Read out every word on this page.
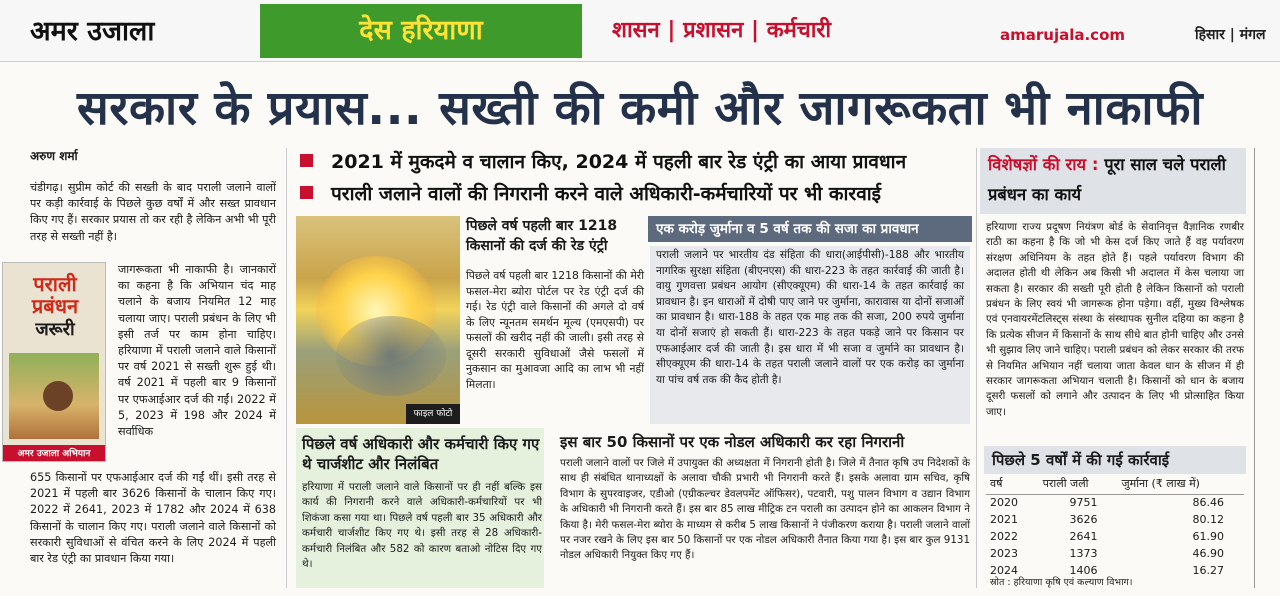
अमर उजाला	देस हरियाणा	शासन | प्रशासन | कर्मचारी	amarujala.com	हिसार | मंगल
सरकार के प्रयास... सख्ती की कमी और जागरूकता भी नाकाफी
अरुण शर्मा
चंडीगढ़। सुप्रीम कोर्ट की सख्ती के बाद पराली जलाने वालों पर कड़ी कार्रवाई के पिछले कुछ वर्षों में और सख्त प्रावधान किए गए हैं। सरकार प्रयास तो कर रही है लेकिन अभी भी पूरी तरह से सख्ती नहीं है।
पराली प्रबंधन
जरूरी
अमर उजाला अभियान
जागरूकता भी नाकाफी है। जानकारों का कहना है कि अभियान चंद माह चलाने के बजाय नियमित 12 माह चलाया जाए। पराली प्रबंधन के लिए भी इसी तर्ज पर काम होना चाहिए। हरियाणा में पराली जलाने वाले किसानों पर वर्ष 2021 से सख्ती शुरू हुई थी। वर्ष 2021 में पहली बार 9 किसानों पर एफआईआर दर्ज की गईं। 2022 में 5, 2023 में 198 और 2024 में सर्वाधिक
655 किसानों पर एफआईआर दर्ज की गईं थीं। इसी तरह से 2021 में पहली बार 3626 किसानों के चालान किए गए। 2022 में 2641, 2023 में 1782 और 2024 में 638 किसानों के चालान किए गए। पराली जलाने वाले किसानों को सरकारी सुविधाओं से वंचित करने के लिए 2024 में पहली बार रेड एंट्री का प्रावधान किया गया।
2021 में मुकदमे व चालान किए, 2024 में पहली बार रेड एंट्री का आया प्रावधान
पराली जलाने वालों की निगरानी करने वाले अधिकारी-कर्मचारियों पर भी कारवाई
फाइल फोटो
पिछले वर्ष पहली बार 1218 किसानों की दर्ज की रेड एंट्री
पिछले वर्ष पहली बार 1218 किसानों की मेरी फसल-मेरा ब्योरा पोर्टल पर रेड एंट्री दर्ज की गई। रेड एंट्री वाले किसानों की अगले दो वर्ष के लिए न्यूनतम समर्थन मूल्य (एमएसपी) पर फसलों की खरीद नहीं की जाली। इसी तरह से दूसरी सरकारी सुविधाओं जैसे फसलों में नुकसान का मुआवजा आदि का लाभ भी नहीं मिलता।
एक करोड़ जुर्माना व 5 वर्ष तक की सजा का प्रावधान
पराली जलाने पर भारतीय दंड संहिता की धारा(आईपीसी)-188 और भारतीय नागरिक सुरक्षा संहिता (बीएनएस) की धारा-223 के तहत कार्रवाई की जाती है। वायु गुणवत्ता प्रबंधन आयोग (सीएक्यूएम) की धारा-14 के तहत कार्रवाई का प्रावधान है। इन धाराओं में दोषी पाए जाने पर जुर्माना, कारावास या दोनों सजाओं का प्रावधान है। धारा-188 के तहत एक माह तक की सजा, 200 रुपये जुर्माना या दोनों सजाएं हो सकती हैं। धारा-223 के तहत पकड़े जाने पर किसान पर एफआईआर दर्ज की जाती है। इस धारा में भी सजा व जुर्माने का प्रावधान है। सीएक्यूएम की धारा-14 के तहत पराली जलाने वालों पर एक करोड़ का जुर्माना या पांच वर्ष तक की कैद होती है।
पिछले वर्ष अधिकारी और कर्मचारी किए गए थे चार्जशीट और निलंबित
हरियाणा में पराली जलाने वाले किसानों पर ही नहीं बल्कि इस कार्य की निगरानी करने वाले अधिकारी-कर्मचारियों पर भी शिकंजा कसा गया था। पिछले वर्ष पहली बार 35 अधिकारी और कर्मचारी चार्जशीट किए गए थे। इसी तरह से 28 अधिकारी-कर्मचारी निलंबित और 582 को कारण बताओ नोटिस दिए गए थे।
इस बार 50 किसानों पर एक नोडल अधिकारी कर रहा निगरानी
पराली जलाने वालों पर जिले में उपायुक्त की अध्यक्षता में निगरानी होती है। जिले में तैनात कृषि उप निदेशकों के साथ ही संबंधित थानाध्यक्षों के अलावा चौकी प्रभारी भी निगरानी करते हैं। इसके अलावा ग्राम सचिव, कृषि विभाग के सुपरवाइजर, एडीओ (एग्रीकल्चर डेवलपमेंट ऑफिसर), पटवारी, पशु पालन विभाग व उद्यान विभाग के अधिकारी भी निगरानी करते हैं। इस बार 85 लाख मीट्रिक टन पराली का उत्पादन होने का आकलन विभाग ने किया है। मेरी फसल-मेरा ब्योरा के माध्यम से करीब 5 लाख किसानों ने पंजीकरण कराया है। पराली जलाने वालों पर नजर रखने के लिए इस बार 50 किसानों पर एक नोडल अधिकारी तैनात किया गया है। इस बार कुल 9131 नोडल अधिकारी नियुक्त किए गए हैं।
विशेषज्ञों की राय : पूरा साल चले पराली प्रबंधन का कार्य
हरियाणा राज्य प्रदूषण नियंत्रण बोर्ड के सेवानिवृत्त वैज्ञानिक रणबीर राठी का कहना है कि जो भी केस दर्ज किए जाते हैं वह पर्यावरण संरक्षण अधिनियम के तहत होते हैं। पहले पर्यावरण विभाग की अदालत होती थी लेकिन अब किसी भी अदालत में केस चलाया जा सकता है। सरकार की सख्ती पूरी होती है लेकिन किसानों को पराली प्रबंधन के लिए स्वयं भी जागरूक होना पड़ेगा। वहीं, मुख्य विश्लेषक एवं एनवायरमेंटलिस्ट्स संस्था के संस्थापक सुनील दहिया का कहना है कि प्रत्येक सीजन में किसानों के साथ सीधे बात होनी चाहिए और उनसे भी सुझाव लिए जाने चाहिए। पराली प्रबंधन को लेकर सरकार की तरफ से नियमित अभियान नहीं चलाया जाता केवल धान के सीजन में ही सरकार जागरूकता अभियान चलाती है। किसानों को धान के बजाय दूसरी फसलों को लगाने और उत्पादन के लिए भी प्रोत्साहित किया जाए।
पिछले 5 वर्षों में की गई कार्रवाई
वर्ष	पराली जली	जुर्माना (₹ लाख में)
2020	9751	86.46
2021	3626	80.12
2022	2641	61.90
2023	1373	46.90
2024	1406	16.27
स्रोत : हरियाणा कृषि एवं कल्याण विभाग।
